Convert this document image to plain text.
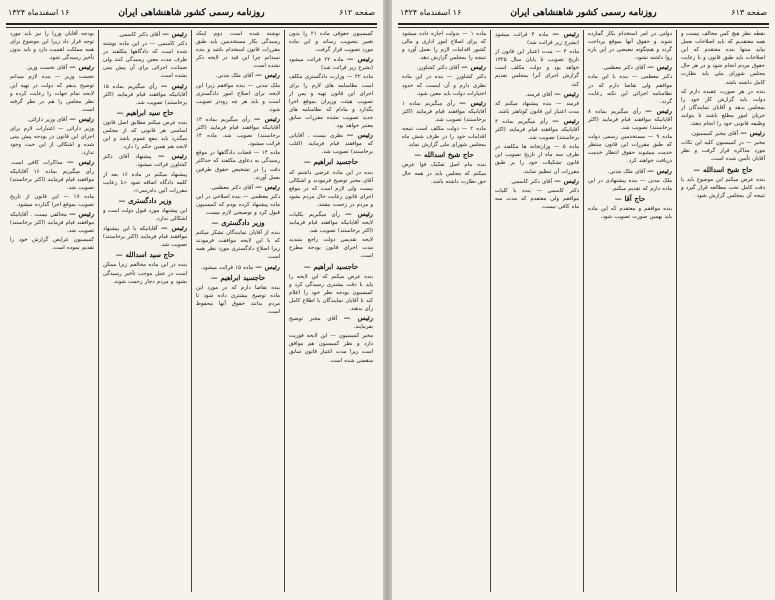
صفحه ۶۱۲
روزنامه رسمی کشور شاهنشاهی ایران
۱۶ اسفندماه ۱۳۲۴
کمیسیون حقوقی ماده ۲۱ را بدون تغییر بتصویب رساند و این ماده مورد تصویب قرار گرفت.
رئیس — ماده ۲۲ قرائت میشود (بشرح زیر قرائت شد)
ماده ۲۲ — وزارت دادگستری مکلف است نظامنامه های لازم را برای اجرای این قانون تهیه و پس از تصویب هیئت وزیران بموقع اجرا بگذارد و مادام که نظامنامه های جدید تصویب نشده مقررات سابق معتبر خواهد بود.
رئیس — نظری نیست . آقایانی که موافقند قیام فرمایند (اغلب برخاستند) تصویب شد.
حاجسید ابراهیم —
بنده در این ماده عرضی داشتم که آقای مخبر توضیح فرمودند و اشکالی نیست ولی لازم است که در موقع اجرای قانون رعایت حال مردم بشود و مردم در زحمت نیفتند.
رئیس — رأی میگیریم بکلیات لایحه آقایانیکه موافقند قیام فرمایند (اکثر برخاستند) تصویب شد.
لایحه تقدیمی دولت راجع بتمدید مدت اجرای قانون بودجه مطرح است.
حاجسید ابراهیم —
بنده عرض میکنم که این لایحه را باید با دقت بیشتری رسیدگی کرد و کمیسیون بودجه نظر خود را اعلام کند تا آقایان نمایندگان با اطلاع کامل رأی بدهند.
رئیس — آقای مخبر توضیح بفرمایند.
مخبر کمیسیون — این لایحه فوریت دارد و نظر کمیسیون هم موافق است زیرا مدت اعتبار قانون سابق منقضی شده است.
نوشته شده است. دوم اینکه رسیدگی بکار مستخدمین باید طبق مقررات قانون استخدام باشد و بنده نمیدانم چرا این قید در لایحه ذکر نشده است.
رئیس — آقای ملک مدنی.
ملک مدنی — بنده موافقم زیرا این لایحه برای اصلاح امور دادگستری است و باید هر چه زودتر تصویب شود.
رئیس — رأی میگیریم بماده ۱۳ آقایانیکه موافقند قیام فرمایند (اکثر برخاستند) تصویب شد. ماده ۱۴ قرائت میشود.
ماده ۱۴ — قضات دادگاهها در موقع رسیدگی به دعاوی مکلفند که حداکثر دقت را در تشخیص حقوق طرفین بعمل آورند.
رئیس — آقای دکتر معظمی.
دکتر معظمی — بنده اصلاحی در این ماده پیشنهاد کرده بودم که کمیسیون قبول کرد و توضیحی لازم نیست.
وزیر دادگستری —
بنده از آقایان نمایندگان تشکر میکنم که با این لایحه موافقت فرمودند زیرا اصلاح دادگستری مورد نظر همه است.
رئیس — ماده ۱۵ قرائت میشود.
حاجسید ابراهیم —
بنده تقاضا دارم که در مورد این ماده توضیح بیشتری داده شود تا مردم بدانند حقوق آنها محفوظ است.
رئیس — آقای دکتر کاسمی.
دکتر کاسمی — در این ماده نوشته شده است که دادگاهها مکلفند در ظرف مدت معین رسیدگی کنند ولی ضمانت اجرائی برای آن پیش بینی نشده است.
رئیس — رأی میگیریم بماده ۱۵ آقایانیکه موافقند قیام فرمایند (اکثر برخاستند) تصویب شد.
حاج سید ابراهیم —
بنده عرض میکنم مطابق اصل قانون اساسی هر قانونی که از مجلس میگذرد باید بنفع عموم باشد و این لایحه هم همین حکم را دارد.
رئیس — پیشنهاد آقای دکتر کشاورز قرائت میشود.
پیشنهاد میکنم در ماده ۱۶ بعد از کلمه دادگاه اضافه شود «با رعایت مقررات آئین دادرسی».
وزیر دادگستری —
این پیشنهاد مورد قبول دولت است و اشکالی ندارد.
رئیس — آقایانیکه با این پیشنهاد موافقند قیام فرمایند (اکثر برخاستند) تصویب شد.
حاج سید اسدالله —
بنده در این ماده مخالفم زیرا ممکن است در عمل موجب تأخیر رسیدگی بشود و مردم دچار زحمت شوند.
بودجه آقایان وزرا را نیز باید مورد توجه قرار داد زیرا این موضوع برای همه مملکت اهمیت دارد و باید بدون تأخیر رسیدگی شود.
رئیس — آقای نخست وزیر.
نخست وزیر — بنده لازم میدانم توضیح بدهم که دولت در تهیه این لایحه تمام جهات را رعایت کرده و نظر مجلس را هم در نظر گرفته است.
رئیس — آقای وزیر دارائی.
وزیر دارائی — اعتبارات لازم برای اجرای این قانون در بودجه پیش بینی شده و اشکالی از این حیث وجود ندارد.
رئیس — مذاکرات کافی است. رأی میگیریم بماده ۱۶ آقایانیکه موافقند قیام فرمایند (اکثر برخاستند) تصویب شد.
ماده ۱۷ — این قانون از تاریخ تصویب بموقع اجرا گذارده میشود.
رئیس — مخالفی نیست . آقایانیکه موافقند قیام فرمایند (اکثر برخاستند) تصویب شد.
کمیسیون عرایض گزارش خود را تقدیم نموده است.
صفحه ۶۱۳
روزنامه رسمی کشور شاهنشاهی ایران
۱۶ اسفندماه ۱۳۲۴
نقطه نظر هیچ کس مخالف نیست و همه معتقدیم که باید اصلاحات بعمل بیاید منتها بنده معتقدم که این اصلاحات باید طبق قانون و با رعایت حقوق مردم انجام شود و در هر حال مجلس شورای ملی باید نظارت کامل داشته باشد.
بنده در هر صورت عقیده دارم که دولت باید گزارش کار خود را بمجلس بدهد و آقایان نمایندگان از جریان امور مطلع باشند تا بتوانند وظیفه قانونی خود را انجام دهند.
رئیس — آقای مخبر کمیسیون.
مخبر — در کمیسیون کلیه این نکات مورد مذاکره قرار گرفت و نظر آقایان تأمین شده است.
حاج شیخ اسدالله —
بنده عرض میکنم این موضوع باید با دقت کامل تحت مطالعه قرار گیرد و نتیجه آن بمجلس گزارش شود.
دولتی در امر استخدام بکار گمارده شوند و حقوق آنها بموقع پرداخت گردد و هیچگونه تبعیضی در این باره روا داشته نشود.
رئیس — آقای دکتر معظمی.
دکتر معظمی — بنده با این ماده موافقم ولی تقاضا دارم که در نظامنامه اجرائی این نکته رعایت گردد.
رئیس — رأی میگیریم بماده ۸ آقایانیکه موافقند قیام فرمایند (اکثر برخاستند) تصویب شد.
ماده ۹ — مستخدمین رسمی دولت که طبق مقررات این قانون منتظر خدمت میشوند حقوق انتظار خدمت دریافت خواهند کرد.
رئیس — آقای ملک مدنی.
ملک مدنی — بنده پیشنهادی در این ماده دارم که تقدیم میکنم.
حاج آقا —
بنده موافقم و معتقدم که این ماده باید بهمین صورت تصویب شود.
رئیس — ماده ۴ قرائت میشود (بشرح زیر قرائت شد)
ماده ۴ — مدت اعتبار این قانون از تاریخ تصویب تا پایان سال ۱۳۲۵ خواهد بود و دولت مکلف است گزارش اجرای آنرا بمجلس تقدیم کند.
رئیس — آقای فرمند.
فرمند — بنده پیشنهاد میکنم که مدت اعتبار این قانون کوتاهتر باشد.
رئیس — رأی میگیریم بماده ۴ آقایانیکه موافقند قیام فرمایند (اکثر برخاستند) تصویب شد.
ماده ۵ — وزارتخانه ها مکلفند در ظرف سه ماه از تاریخ تصویب این قانون تشکیلات خود را بر طبق مقررات آن تنظیم نمایند.
رئیس — آقای دکتر کاسمی.
دکتر کاسمی — بنده با کلیات موافقم ولی معتقدم که مدت سه ماه کافی نیست.
ماده ۱ — بدولت اجازه داده میشود که برای اصلاح امور اداری و مالی کشور اقدامات لازم را بعمل آورد و نتیجه را بمجلس گزارش دهد.
رئیس — آقای دکتر کشاورز.
دکتر کشاورز — بنده در این ماده نظری دارم و آن اینست که حدود اختیارات دولت باید معین شود.
رئیس — رأی میگیریم بماده ۱ آقایانیکه موافقند قیام فرمایند (اکثر برخاستند) تصویب شد.
ماده ۲ — دولت مکلف است نتیجه اقدامات خود را در ظرف شش ماه بمجلس شورای ملی گزارش نماید.
حاج شیخ اسدالله —
بنده بنام اصل تفکیک قوا عرض میکنم که مجلس باید در همه حال حق نظارت داشته باشد.
